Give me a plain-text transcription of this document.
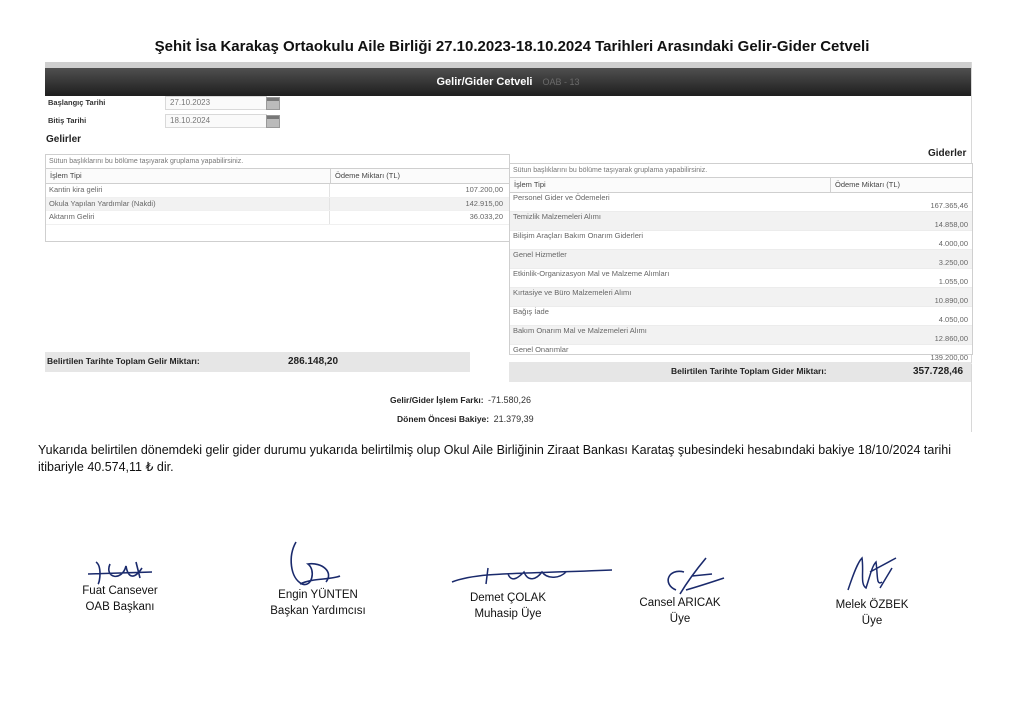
Şehit İsa Karakaş Ortaokulu Aile Birliği 27.10.2023-18.10.2024 Tarihleri Arasındaki Gelir-Gider Cetveli
Gelir/Gider Cetveli OAB - 13
Başlangıç Tarihi	27.10.2023
Bitiş Tarihi	18.10.2024
Gelirler
Giderler
Sütun başlıklarını bu bölüme taşıyarak gruplama yapabilirsiniz.
İşlem Tipi	Ödeme Miktarı (TL)
Kantin kira geliri	107.200,00
Okula Yapılan Yardımlar (Nakdi)	142.915,00
Aktarım Geliri	36.033,20
Sütun başlıklarını bu bölüme taşıyarak gruplama yapabilirsiniz.
İşlem Tipi	Ödeme Miktarı (TL)
Personel Gider ve Ödemeleri
167.365,46
Temizlik Malzemeleri Alımı
14.858,00
Bilişim Araçları Bakım Onarım Giderleri
4.000,00
Genel Hizmetler
3.250,00
Etkinlik-Organizasyon Mal ve Malzeme Alımları
1.055,00
Kırtasiye ve Büro Malzemeleri Alımı
10.890,00
Bağış İade
4.050,00
Bakım Onarım Mal ve Malzemeleri Alımı
12.860,00
Genel Onarımlar
139.200,00
Belirtilen Tarihte Toplam Gelir Miktarı:	286.148,20
Belirtilen Tarihte Toplam Gider Miktarı:	357.728,46
Gelir/Gider İşlem Farkı: -71.580,26
Dönem Öncesi Bakiye: 21.379,39
Yukarıda belirtilen dönemdeki gelir gider durumu yukarıda belirtilmiş olup Okul Aile Birliğinin Ziraat Bankası Karataş şubesindeki hesabındaki bakiye 18/10/2024 tarihi itibariyle 40.574,11 ₺ dir.
Fuat Cansever
OAB Başkanı
Engin YÜNTEN
Başkan Yardımcısı
Demet ÇOLAK
Muhasip Üye
Cansel ARICAK
Üye
Melek ÖZBEK
Üye
